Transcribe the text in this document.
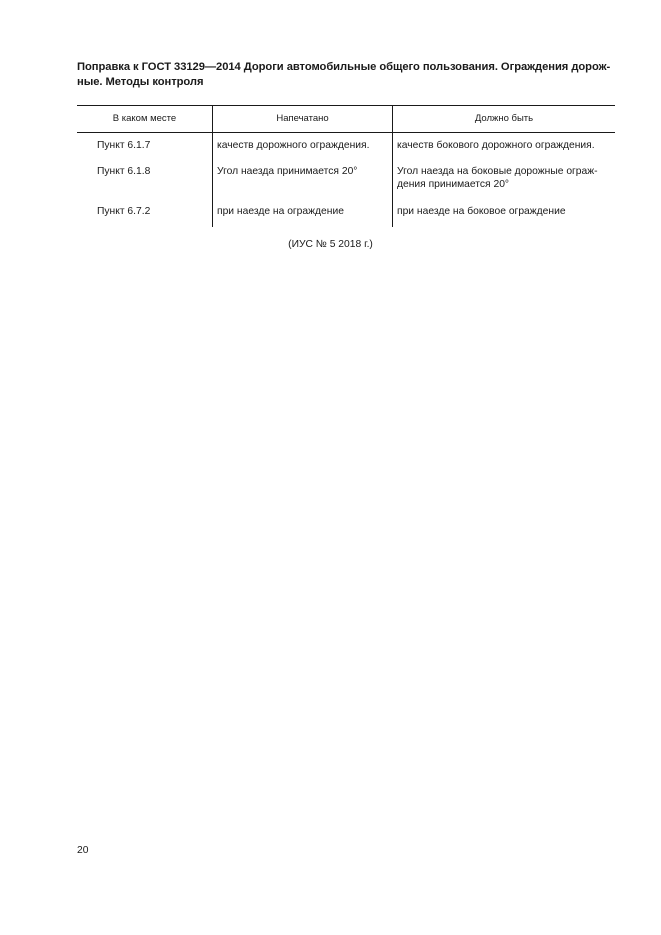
Поправка к ГОСТ 33129—2014 Дороги автомобильные общего пользования. Ограждения дорож-ные. Методы контроля
В каком месте	Напечатано	Должно быть
Пункт 6.1.7	качеств дорожного ограждения.	качеств бокового дорожного ограждения.
Пункт 6.1.8	Угол наезда принимается 20°	Угол наезда на боковые дорожные ограж-дения принимается 20°
Пункт 6.7.2	при наезде на ограждение	при наезде на боковое ограждение
(ИУС № 5 2018 г.)
20
